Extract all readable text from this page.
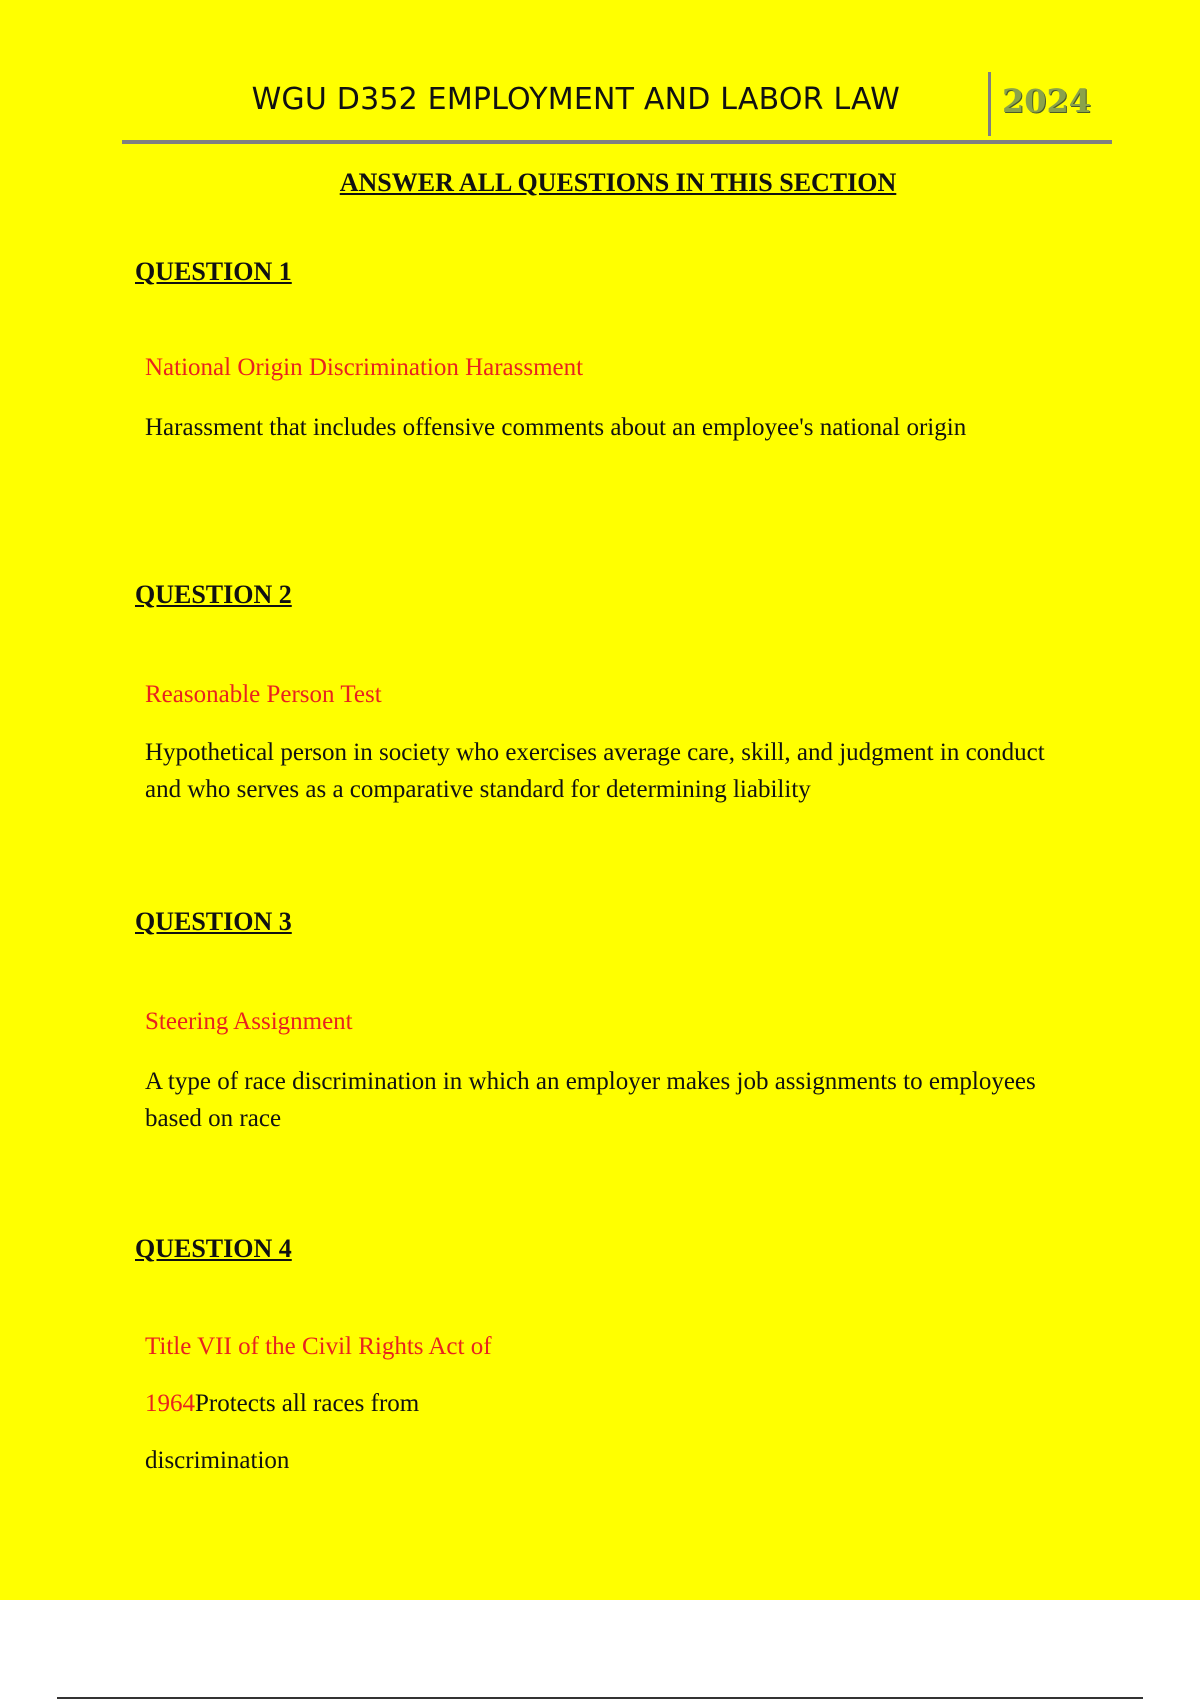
WGU D352 EMPLOYMENT AND LABOR LAW	2024
ANSWER ALL QUESTIONS IN THIS SECTION
QUESTION 1
National Origin Discrimination Harassment
Harassment that includes offensive comments about an employee's national origin
QUESTION 2
Reasonable Person Test
Hypothetical person in society who exercises average care, skill, and judgment in conduct and who serves as a comparative standard for determining liability
QUESTION 3
Steering Assignment
A type of race discrimination in which an employer makes job assignments to employees based on race
QUESTION 4
Title VII of the Civil Rights Act of
1964Protects all races from
discrimination
